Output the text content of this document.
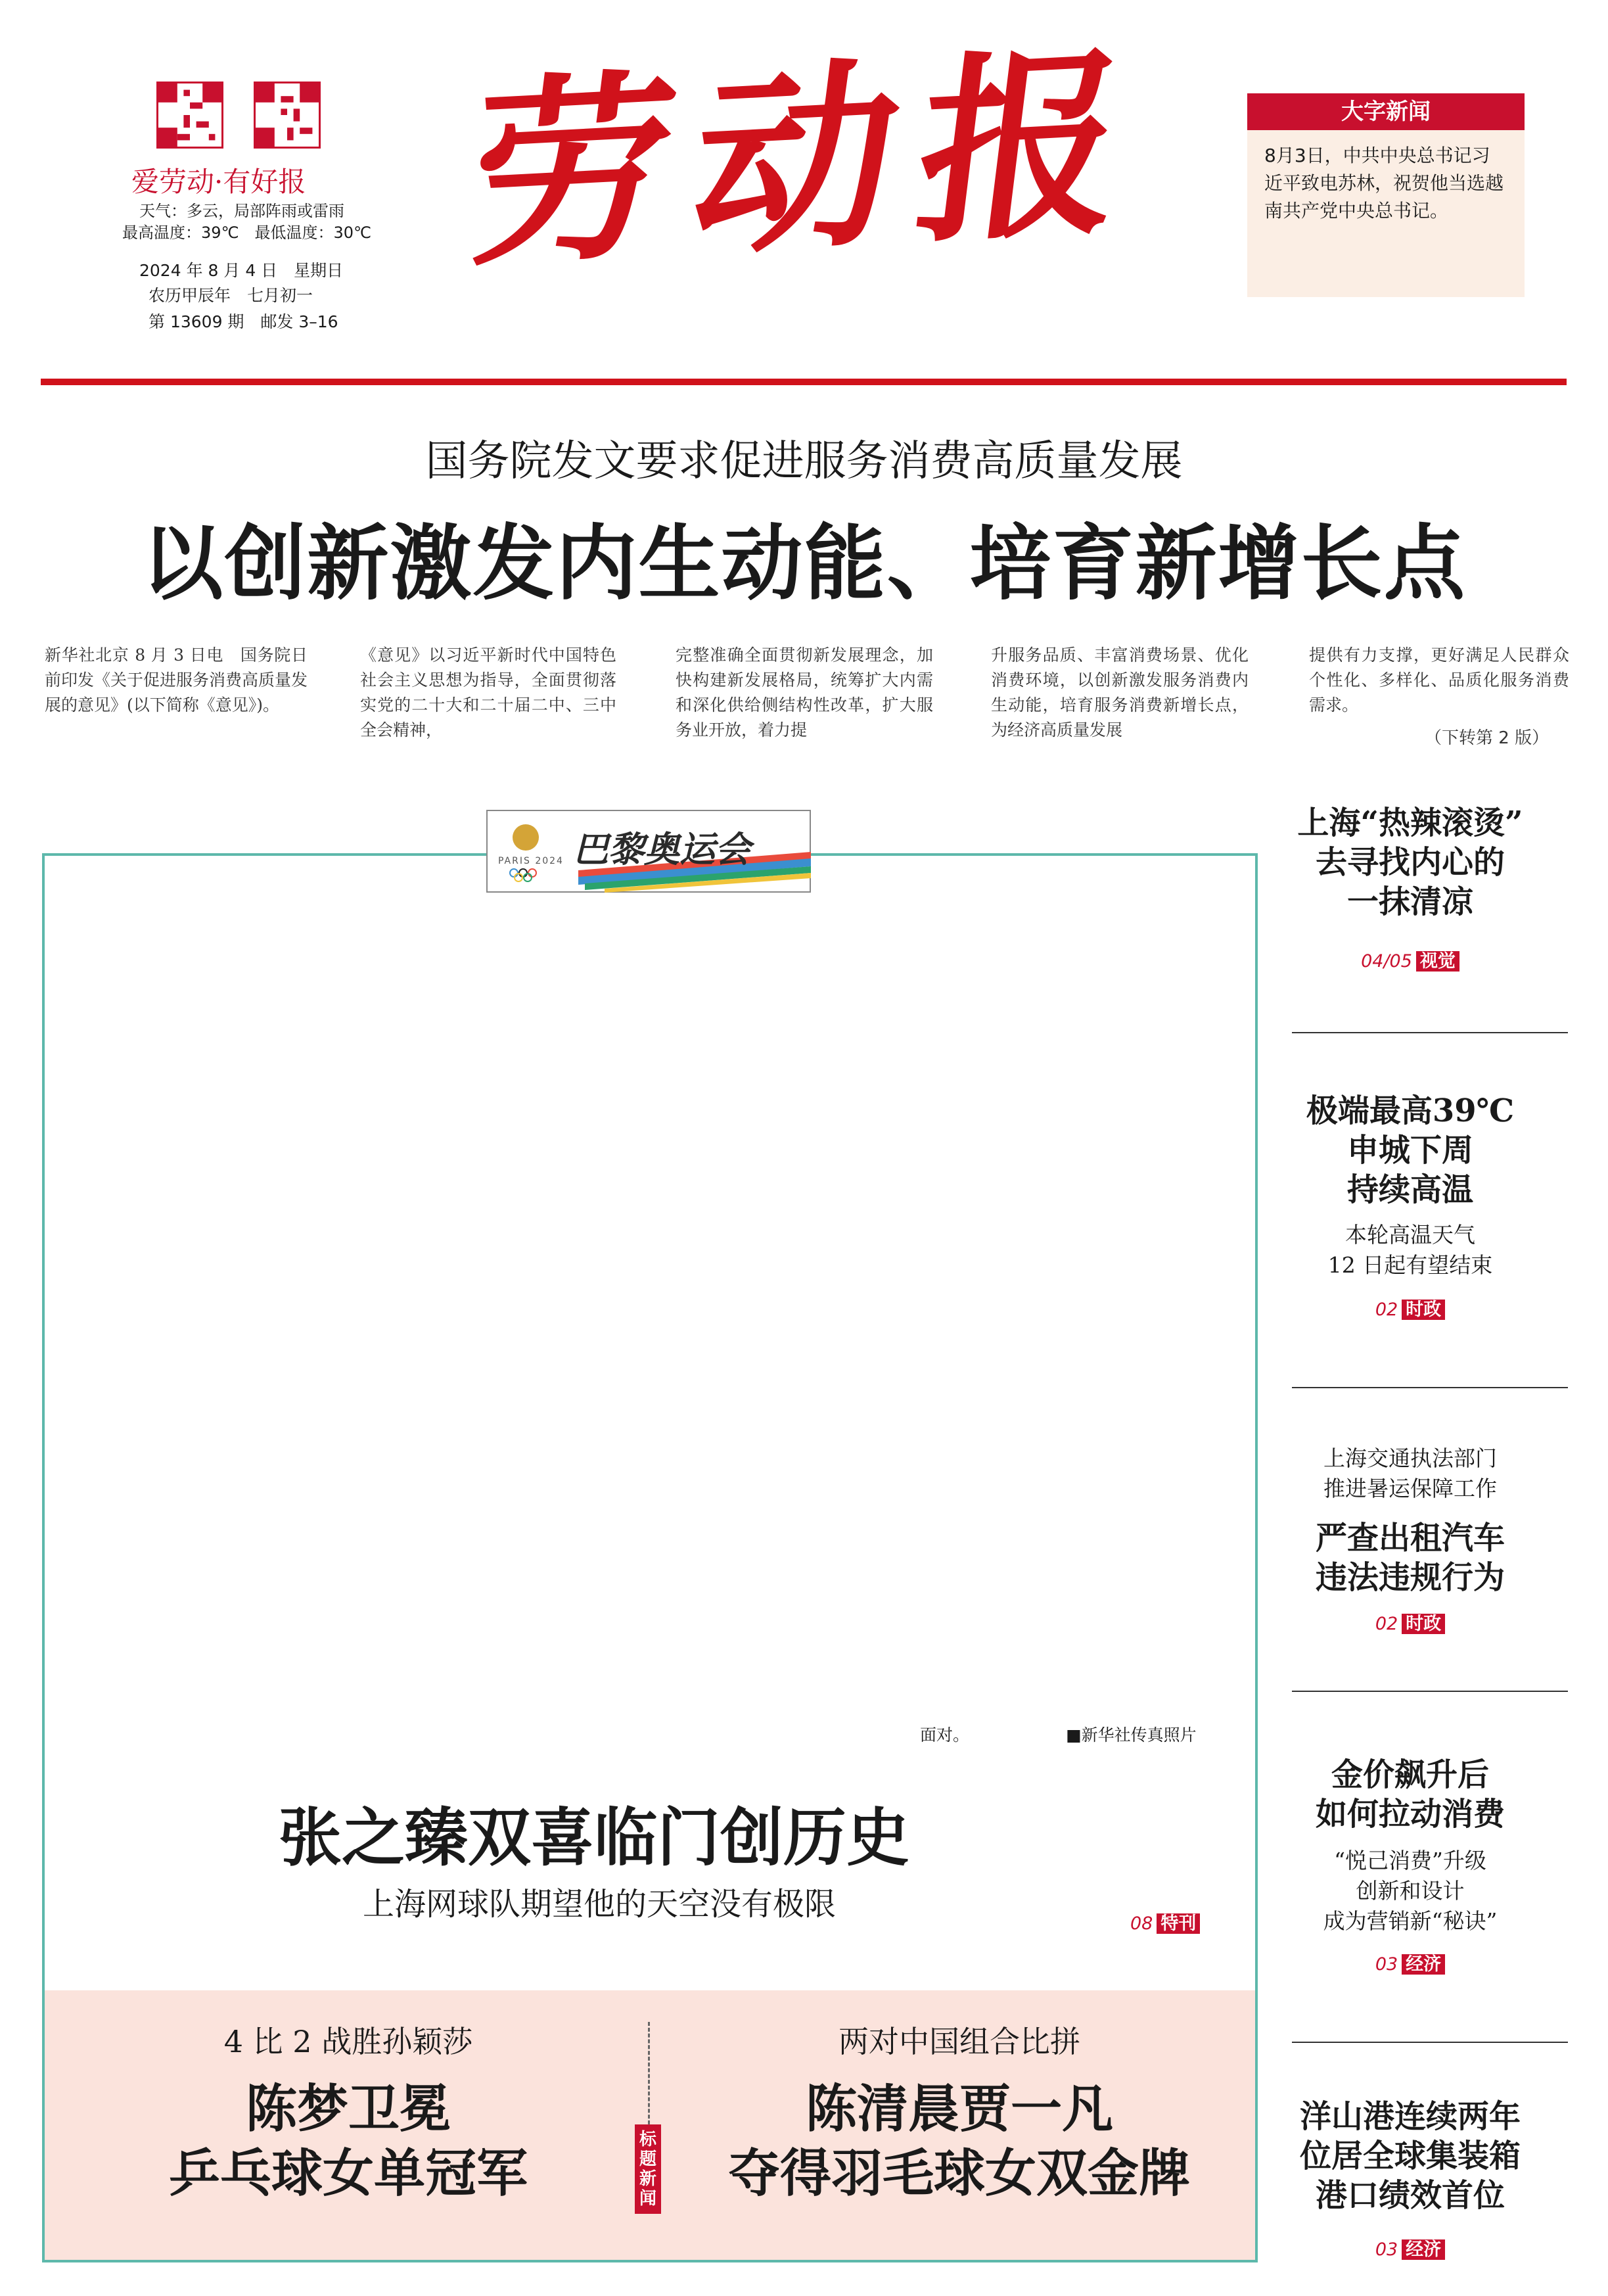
爱劳动·有好报
天气：多云，局部阵雨或雷雨
最高温度：39℃　最低温度：30℃
2024 年 8 月 4 日　星期日
农历甲辰年　七月初一
第 13609 期　邮发 3–16
劳动报	大字新闻
8月3日，中共中央总书记习近平致电苏林，祝贺他当选越南共产党中央总书记。
国务院发文要求促进服务消费高质量发展
以创新激发内生动能、培育新增长点
新华社北京 8 月 3 日电　国务院日前印发《关于促进服务消费高质量发展的意见》(以下简称《意见》)。
《意见》以习近平新时代中国特色社会主义思想为指导，全面贯彻落实党的二十大和二十届二中、三中全会精神，
完整准确全面贯彻新发展理念，加快构建新发展格局，统筹扩大内需和深化供给侧结构性改革，扩大服务业开放，着力提
升服务品质、丰富消费场景、优化消费环境，以创新激发服务消费内生动能，培育服务消费新增长点，为经济高质量发展
提供有力支撑，更好满足人民群众个性化、多样化、品质化服务消费需求。
（下转第 2 版）
PARIS 2024 巴黎奥运会
面对。	■新华社传真照片
张之臻双喜临门创历史
上海网球队期望他的天空没有极限
08 特刊
标题新闻
4 比 2 战胜孙颖莎
陈梦卫冕
乒乓球女单冠军
两对中国组合比拼
陈清晨贾一凡
夺得羽毛球女双金牌
上海“热辣滚烫”
去寻找内心的
一抹清凉
04/05 视觉
极端最高39℃
申城下周
持续高温
本轮高温天气
12 日起有望结束
02 时政
上海交通执法部门
推进暑运保障工作
严查出租汽车
违法违规行为
02 时政
金价飙升后
如何拉动消费
“悦己消费”升级
创新和设计
成为营销新“秘诀”
03 经济
洋山港连续两年
位居全球集装箱
港口绩效首位
03 经济
